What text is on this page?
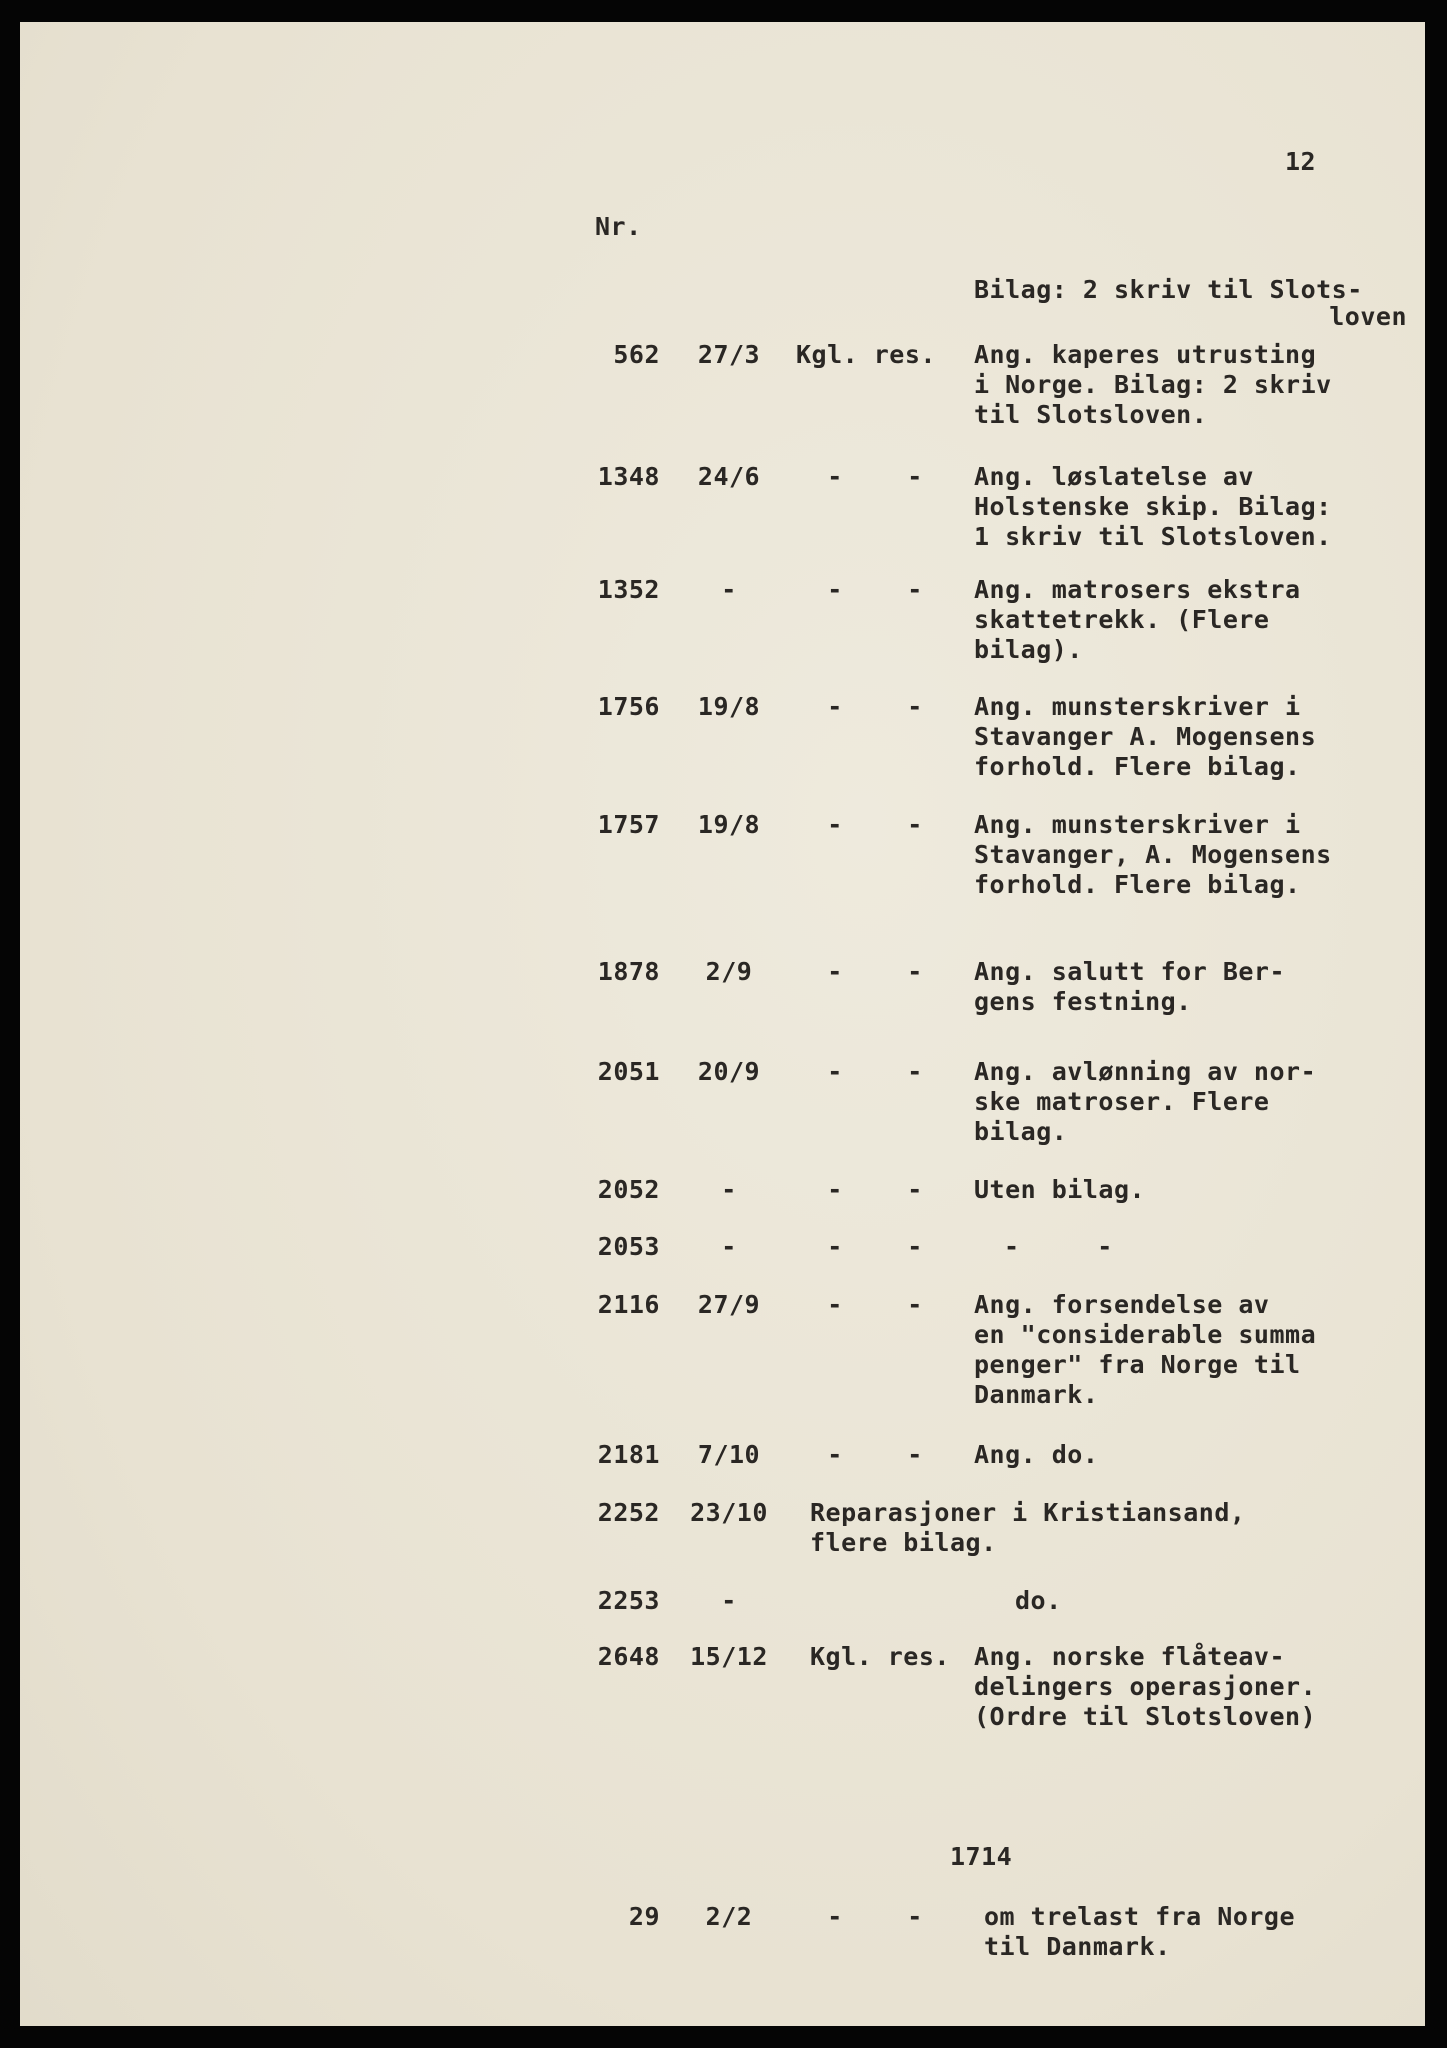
12
Nr.
Bilag: 2 skriv til Slots-
loven
562	27/3	Kgl. res. Ang. kaperes utrusting
i Norge. Bilag: 2 skriv
til Slotsloven.
1348	24/6	-	- Ang. løslatelse av
Holstenske skip. Bilag:
1 skriv til Slotsloven.
1352	-	-	- Ang. matrosers ekstra
skattetrekk. (Flere
bilag).
1756	19/8	-	- Ang. munsterskriver i
Stavanger A. Mogensens
forhold. Flere bilag.
1757	19/8	-	- Ang. munsterskriver i
Stavanger, A. Mogensens
forhold. Flere bilag.
1878	2/9	-	- Ang. salutt for Ber-
gens festning.
2051	20/9	-	- Ang. avlønning av nor-
ske matroser. Flere
bilag.
2052	-	-	- Uten bilag.
2053	-	-	-	-     -
2116	27/9	-	- Ang. forsendelse av
en "considerable summa
penger" fra Norge til
Danmark.
2181	7/10	-	- Ang. do.
2252	23/10	Reparasjoner i Kristiansand,
flere bilag.
2253	-	do.
2648	15/12	Kgl. res. Ang. norske flåteav-
delingers operasjoner.
(Ordre til Slotsloven)
1714
29	2/2	-	- om trelast fra Norge
til Danmark.
